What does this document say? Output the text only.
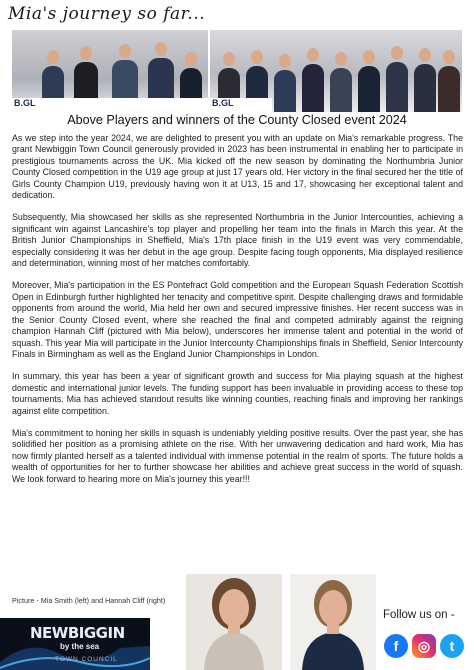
Mia's journey so far...
B.GL	B.GL
Above Players and winners of the County Closed event 2024

As we step into the year 2024, we are delighted to present you with an update on Mia's remarkable progress. The grant Newbiggin Town Council generously provided in 2023 has been instrumental in enabling her to participate in prestigious tournaments across the UK. Mia kicked off the new season by dominating the Northumbria Junior County Closed competition in the U19 age group at just 17 years old. Her victory in the final secured her the title of Girls County Champion U19, previously having won it at U13, 15 and 17, showcasing her exceptional talent and dedication.

Subsequently, Mia showcased her skills as she represented Northumbria in the Junior Intercounties, achieving a significant win against Lancashire's top player and propelling her team into the finals in March this year. At the British Junior Championships in Sheffield, Mia's 17th place finish in the U19 event was very commendable, especially considering it was her debut in the age group. Despite facing tough opponents, Mia displayed resilience and determination, winning most of her matches comfortably.

Moreover, Mia's participation in the ES Pontefract Gold competition and the European Squash Federation Scottish Open in Edinburgh further highlighted her tenacity and competitive spirit. Despite challenging draws and formidable opponents from around the world, Mia held her own and secured impressive finishes. Her recent success was in the Senior County Closed event, where she reached the final and competed admirably against the reigning champion Hannah Cliff (pictured with Mia below), underscores her immense talent and potential in the world of squash. This year Mia will participate in the Junior Intercounty Championships finals in Sheffield, Senior Intercounty Finals in Birmingham as well as the England Junior Championships in London.

In summary, this year has been a year of significant growth and success for Mia playing squash at the highest domestic and international junior levels. The funding support has been invaluable in providing access to these top tournaments. Mia has achieved standout results like winning counties, reaching finals and improving her rankings against elite competition.

Mia's commitment to honing her skills in squash is undeniably yielding positive results. Over the past year, she has solidified her position as a promising athlete on the rise. With her unwavering dedication and hard work, Mia has now firmly planted herself as a talented individual with immense potential in the realm of sports. The future holds a wealth of opportunities for her to further showcase her abilities and achieve great success in the world of squash. We look forward to hearing more on Mia's journey this year!!!

Picture - Mia Smith (left) and Hannah Cliff (right)
NEWBIGGIN
by the sea
TOWN COUNCIL
Follow us on -
f ◎ t
